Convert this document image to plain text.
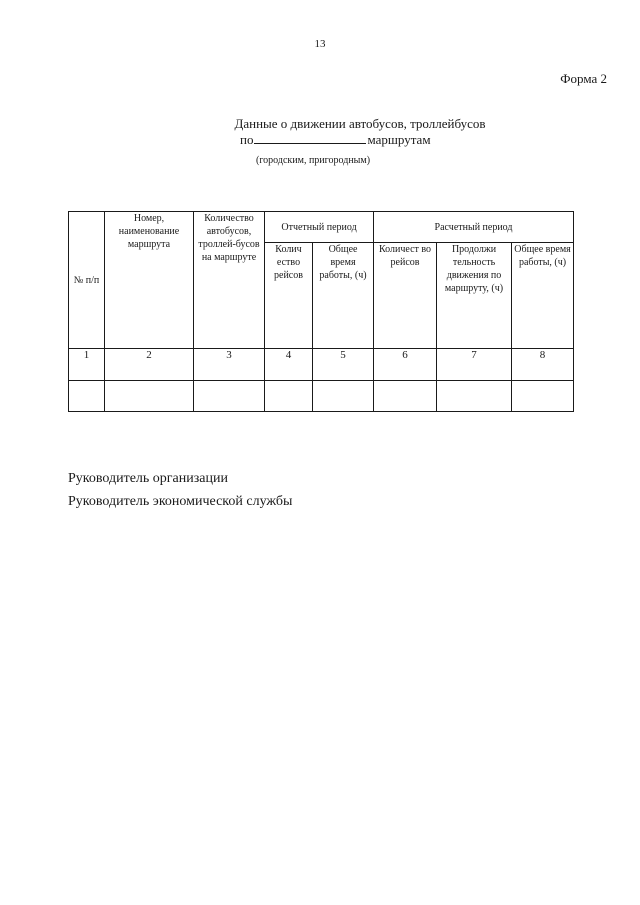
13
Форма 2
Данные о движении автобусов, троллейбусов
по	маршрутам
(городским, пригородным)
№ п/п	Номер, наименование маршрута	Количество автобусов, троллей-бусов на маршруте	Отчетный период		Расчетный период		
			Колич ество рейсов	Общее время работы, (ч)	Количест во рейсов	Продолжи тельность движения по маршруту, (ч)	Общее время работы, (ч)
1	2	3	4	5	6	7	8

Руководитель организации
Руководитель экономической службы
